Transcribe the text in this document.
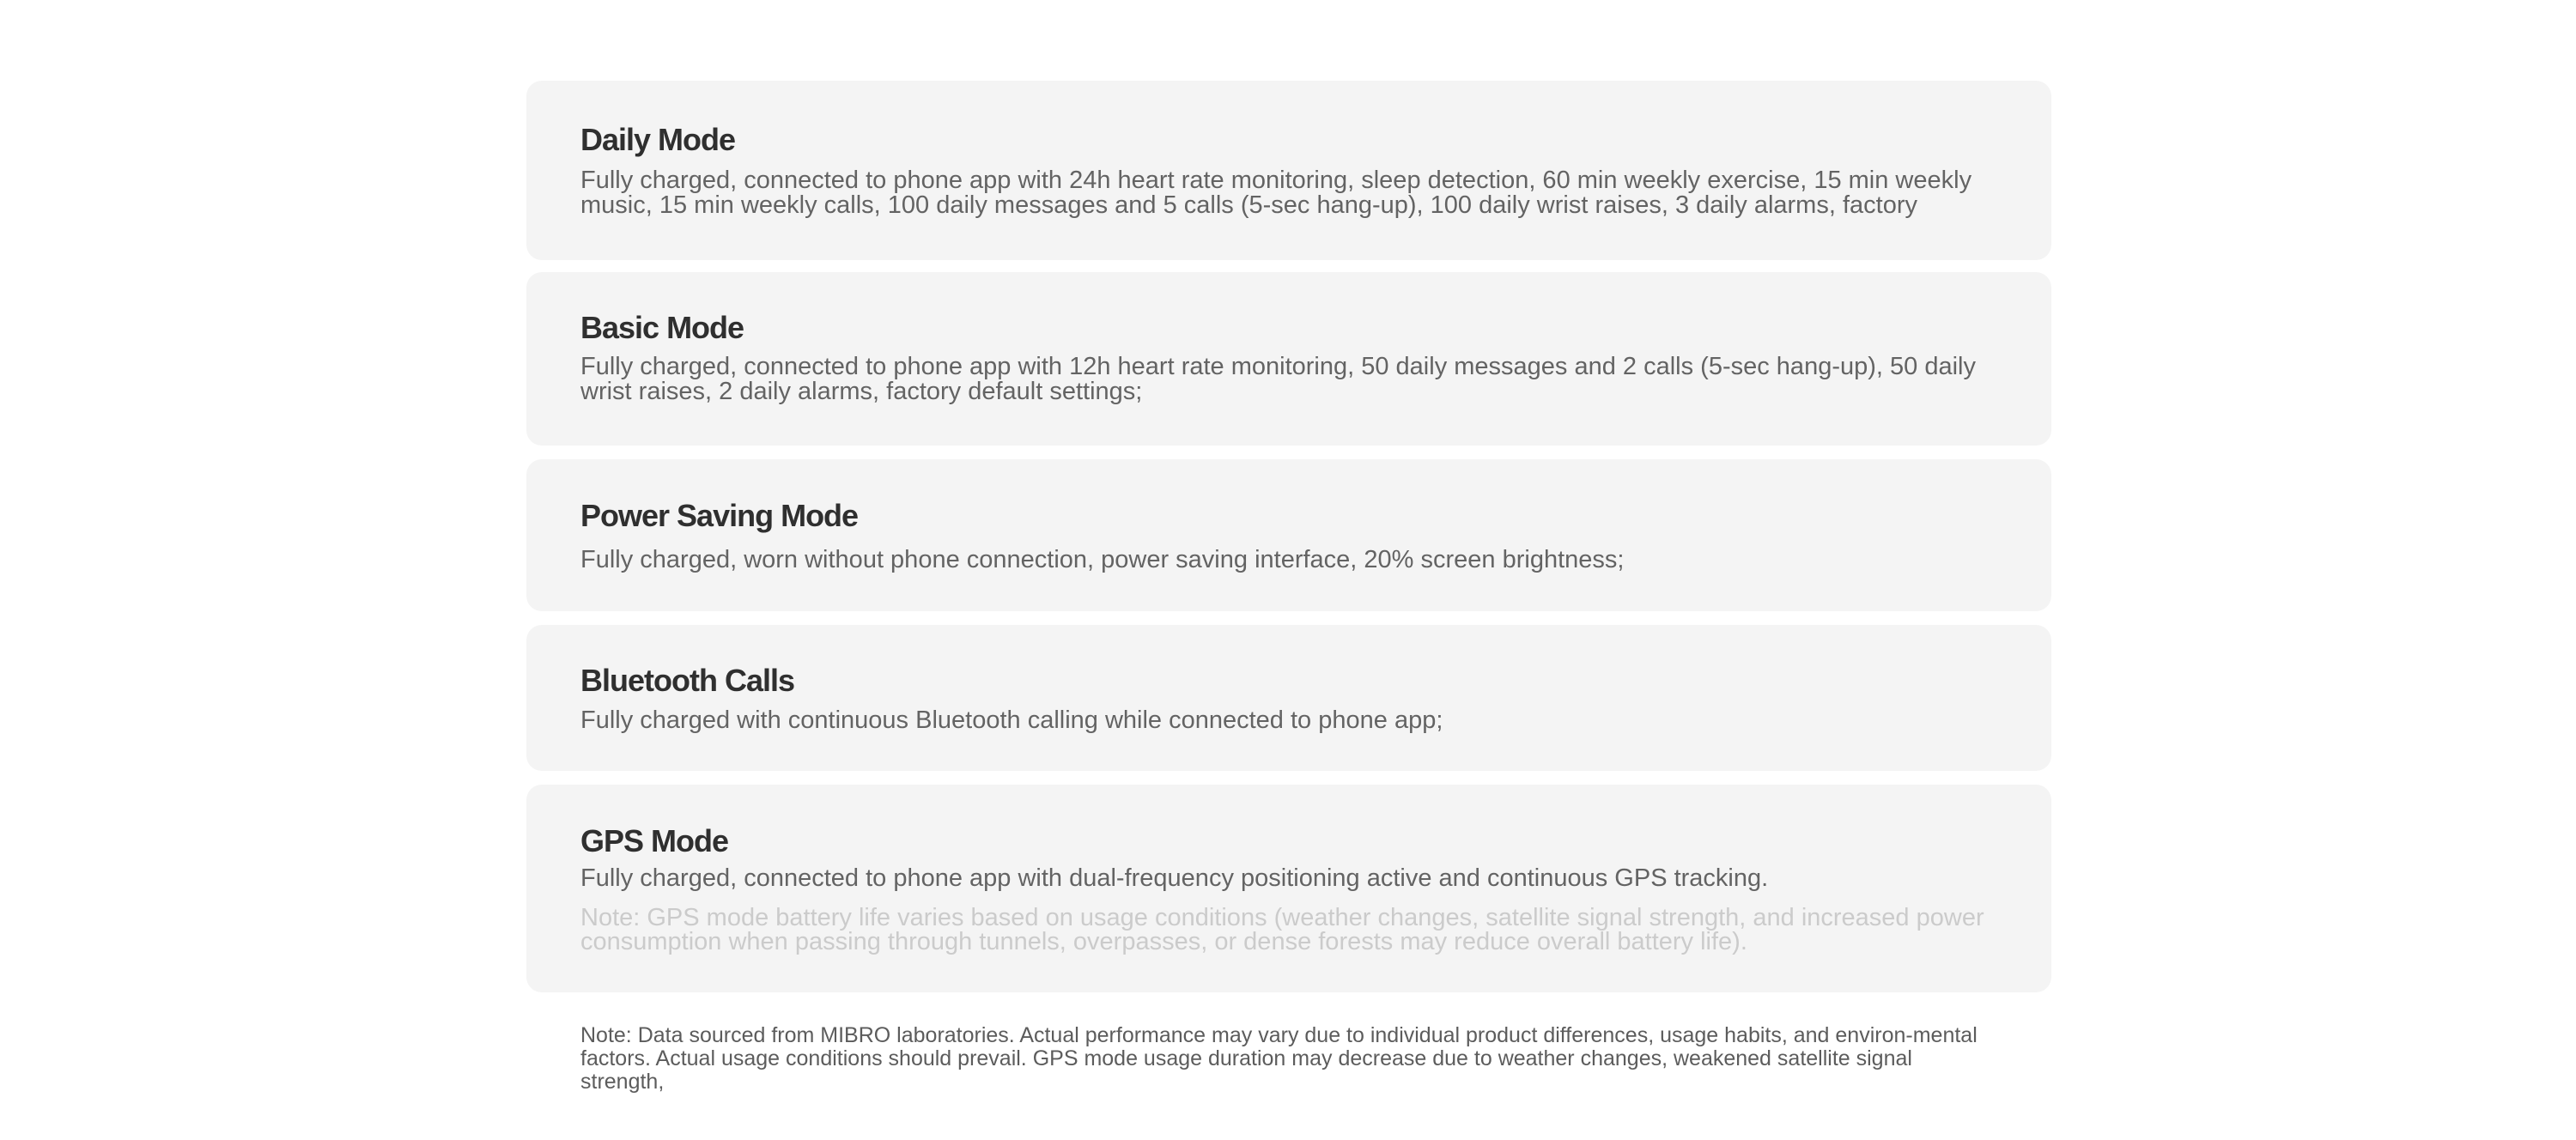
Daily Mode
Fully charged, connected to phone app with 24h heart rate monitoring, sleep detection, 60 min weekly exercise, 15 min weekly music, 15 min weekly calls, 100 daily messages and 5 calls (5-sec hang-up), 100 daily wrist raises, 3 daily alarms, factory
Basic Mode
Fully charged, connected to phone app with 12h heart rate monitoring, 50 daily messages and 2 calls (5-sec hang-up), 50 daily wrist raises, 2 daily alarms, factory default settings;
Power Saving Mode
Fully charged, worn without phone connection, power saving interface, 20% screen brightness;
Bluetooth Calls
Fully charged with continuous Bluetooth calling while connected to phone app;
GPS Mode
Fully charged, connected to phone app with dual-frequency positioning active and continuous GPS tracking.
Note: GPS mode battery life varies based on usage conditions (weather changes, satellite signal strength, and increased power consumption when passing through tunnels, overpasses, or dense forests may reduce overall battery life).
Note: Data sourced from MIBRO laboratories. Actual performance may vary due to individual product differences, usage habits, and environ-mental factors. Actual usage conditions should prevail. GPS mode usage duration may decrease due to weather changes, weakened satellite signal strength,
